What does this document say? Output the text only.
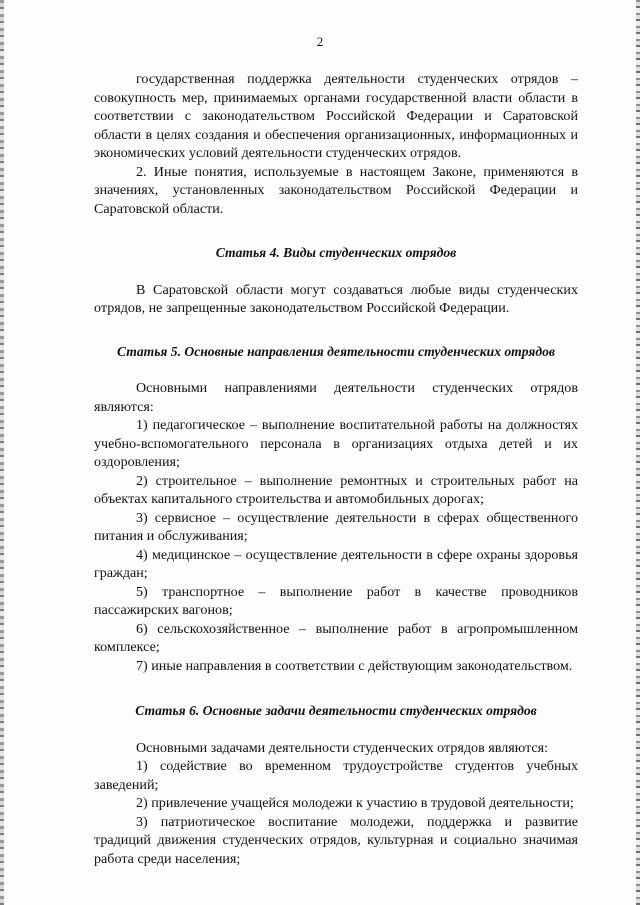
2

государственная поддержка деятельности студенческих отрядов – совокупность мер, принимаемых органами государственной власти области в соответствии с законодательством Российской Федерации и Саратовской области в целях создания и обеспечения организационных, информационных и экономических условий деятельности студенческих отрядов.

2. Иные понятия, используемые в настоящем Законе, применяются в значениях, установленных законодательством Российской Федерации и Саратовской области.

Статья 4. Виды студенческих отрядов

В Саратовской области могут создаваться любые виды студенческих отрядов, не запрещенные законодательством Российской Федерации.

Статья 5. Основные направления деятельности студенческих отрядов

Основными направлениями деятельности студенческих отрядов являются:

1) педагогическое – выполнение воспитательной работы на должностях учебно-вспомогательного персонала в организациях отдыха детей и их оздоровления;

2) строительное – выполнение ремонтных и строительных работ на объектах капитального строительства и автомобильных дорогах;

3) сервисное – осуществление деятельности в сферах общественного питания и обслуживания;

4) медицинское – осуществление деятельности в сфере охраны здоровья граждан;

5) транспортное – выполнение работ в качестве проводников пассажирских вагонов;

6) сельскохозяйственное – выполнение работ в агропромышленном комплексе;

7) иные направления в соответствии с действующим законодательством.

Статья 6. Основные задачи деятельности студенческих отрядов

Основными задачами деятельности студенческих отрядов являются:

1) содействие во временном трудоустройстве студентов учебных заведений;

2) привлечение учащейся молодежи к участию в трудовой деятельности;

3) патриотическое воспитание молодежи, поддержка и развитие традиций движения студенческих отрядов, культурная и социально значимая работа среди населения;
